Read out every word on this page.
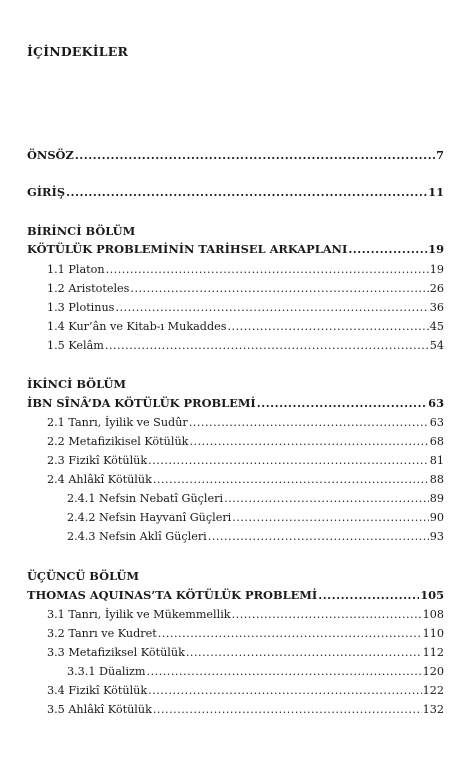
İÇİNDEKİLER
ÖNSÖZ .....	7
GİRİŞ .....	11
BİRİNCİ BÖLÜM
KÖTÜLÜK PROBLEMİNİN TARİHSEL ARKAPLANI .....	19
1.1 Platon .....	19
1.2 Aristoteles .....	26
1.3 Plotinus .....	36
1.4 Kur’ân ve Kitab-ı Mukaddes .....	45
1.5 Kelâm .....	54
İKİNCİ BÖLÜM
İBN SÎNÂ’DA KÖTÜLÜK PROBLEMİ .....	63
2.1 Tanrı, İyilik ve Sudûr .....	63
2.2 Metafizikisel Kötülük .....	68
2.3 Fizikî Kötülük .....	81
2.4 Ahlâkî Kötülük .....	88
2.4.1 Nefsin Nebatî Güçleri .....	89
2.4.2 Nefsin Hayvanî Güçleri .....	90
2.4.3 Nefsin Aklî Güçleri .....	93
ÜÇÜNCÜ BÖLÜM
THOMAS AQUINAS’TA KÖTÜLÜK PROBLEMİ .....	105
3.1 Tanrı, İyilik ve Mükemmellik .....	108
3.2 Tanrı ve Kudret .....	110
3.3 Metafiziksel Kötülük .....	112
3.3.1 Düalizm .....	120
3.4 Fizikî Kötülük .....	122
3.5 Ahlâkî Kötülük .....	132
